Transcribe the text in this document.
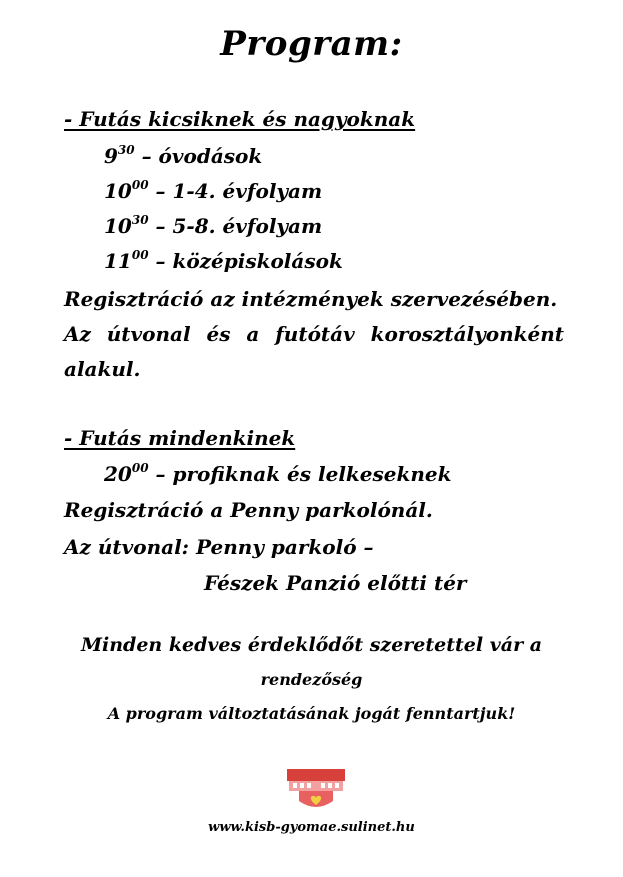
Program:
- Futás kicsiknek és nagyoknak
$9^{30}$ – óvodások
$10^{00} - 1-4$. évfolyam
$10^{30} - 5-8$. évfolyam
$11^{00}$ – középiskolások
Regisztráció az intézmények szervezésében.
Az útvonal és a futótáv korosztályonként
alakul.
- Futás mindenkinek
$20^{00}$ – profiknak és lelkeseknek
Regisztráció a Penny parkolónál.
Az útvonal: Penny parkoló –
Fészek Panzió előtti tér
Minden kedves érdeklődőt szeretettel vár a
rendezőség
A program változtatásának jogát fenntartjuk!
www.kisb-gyomae.sulinet.hu
